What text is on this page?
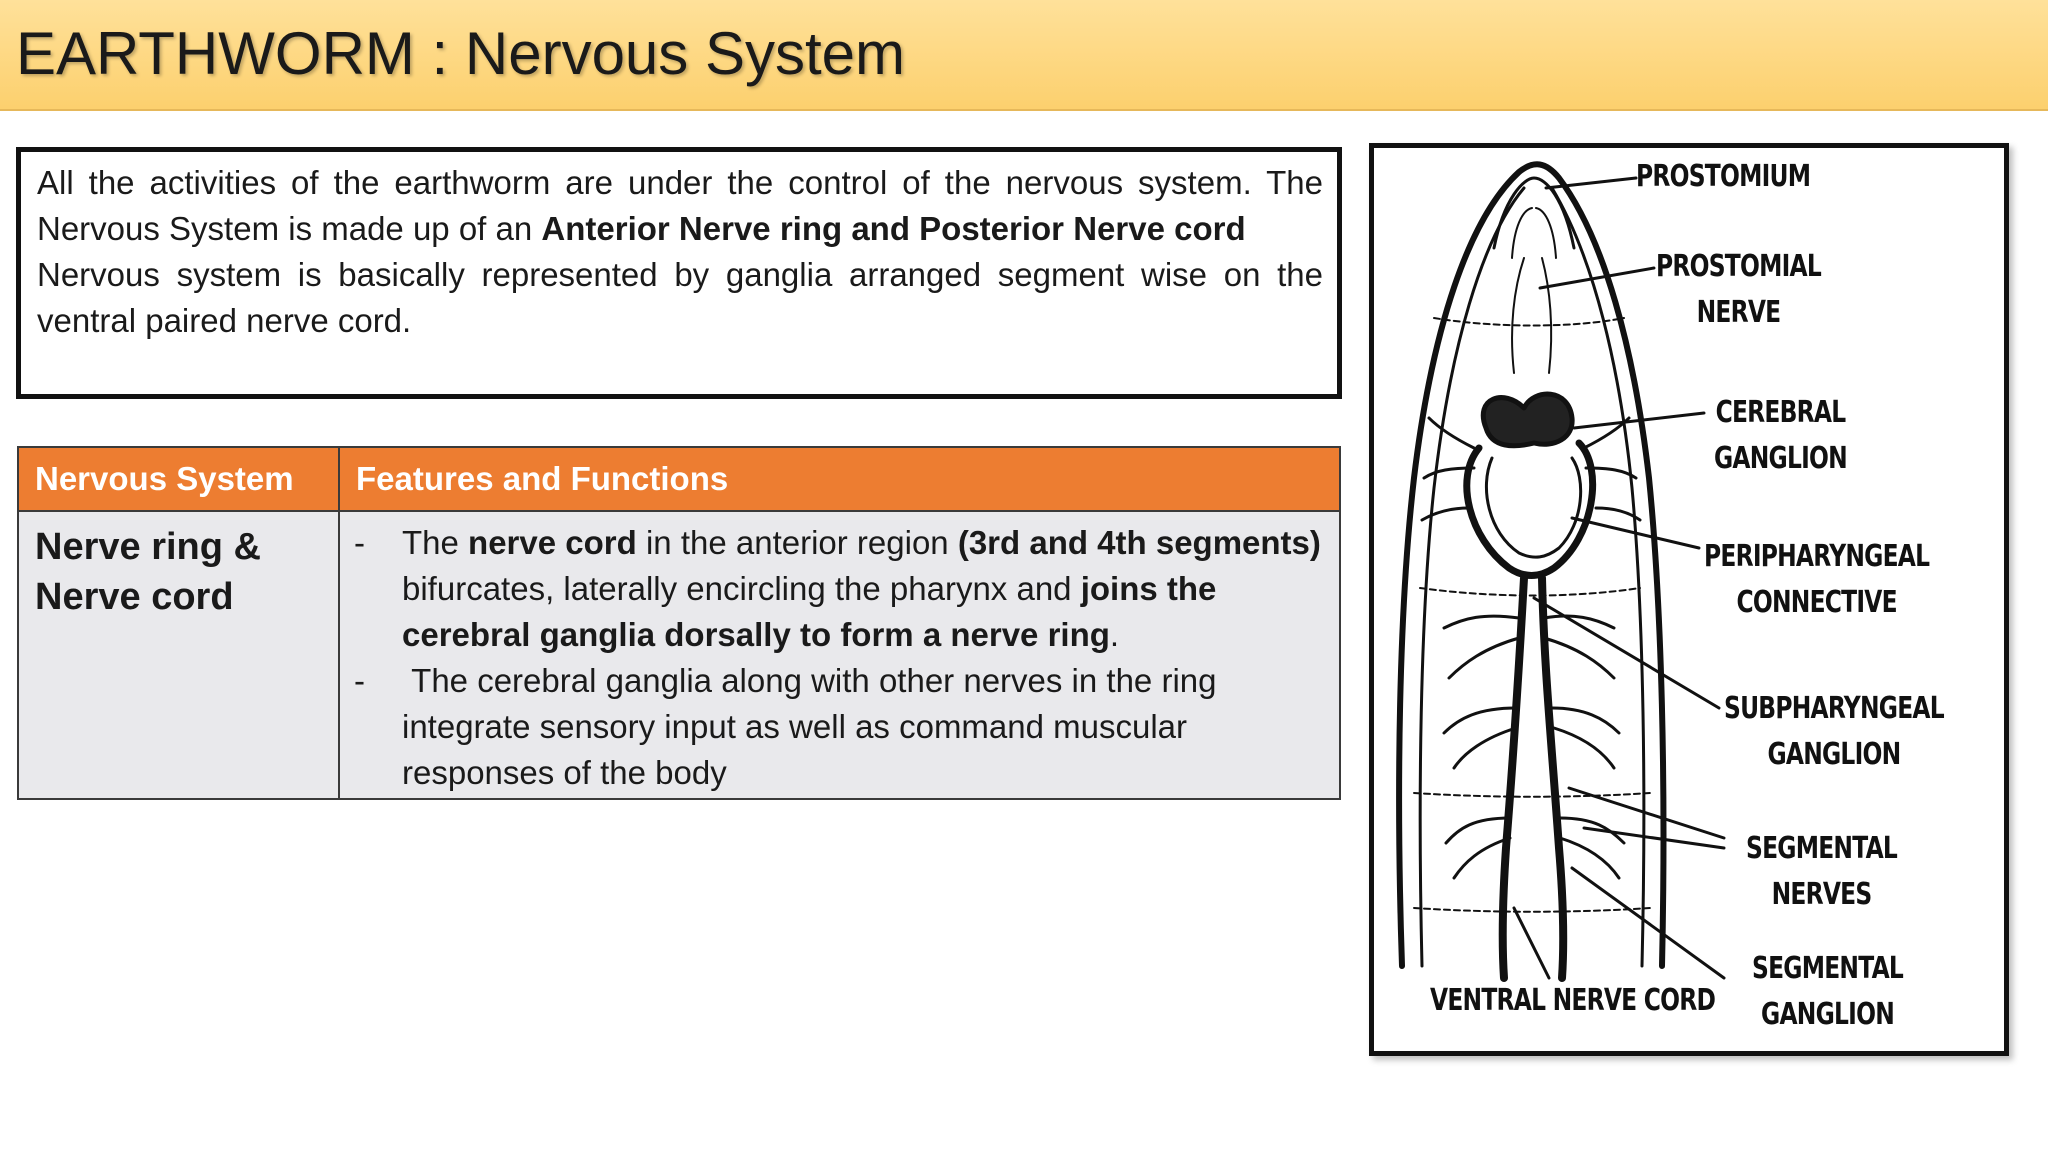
EARTHWORM : Nervous System

All the activities of the earthworm are under the control of the nervous system. The Nervous System is made up of an Anterior Nerve ring and Posterior Nerve cord

Nervous system is basically represented by ganglia arranged segment wise on the ventral paired nerve cord.

Nervous System	Features and Functions
Nerve ring &
Nerve cord
-	The nerve cord in the anterior region (3rd and 4th segments) bifurcates, laterally encircling the pharynx and joins the cerebral ganglia dorsally to form a nerve ring.
-	The cerebral ganglia along with other nerves in the ring integrate sensory input as well as command muscular responses of the body
PROSTOMIUM
PROSTOMIAL
NERVE
CEREBRAL
GANGLION
PERIPHARYNGEAL
CONNECTIVE
SUBPHARYNGEAL
GANGLION
SEGMENTAL
NERVES
SEGMENTAL
GANGLION
VENTRAL NERVE CORD
